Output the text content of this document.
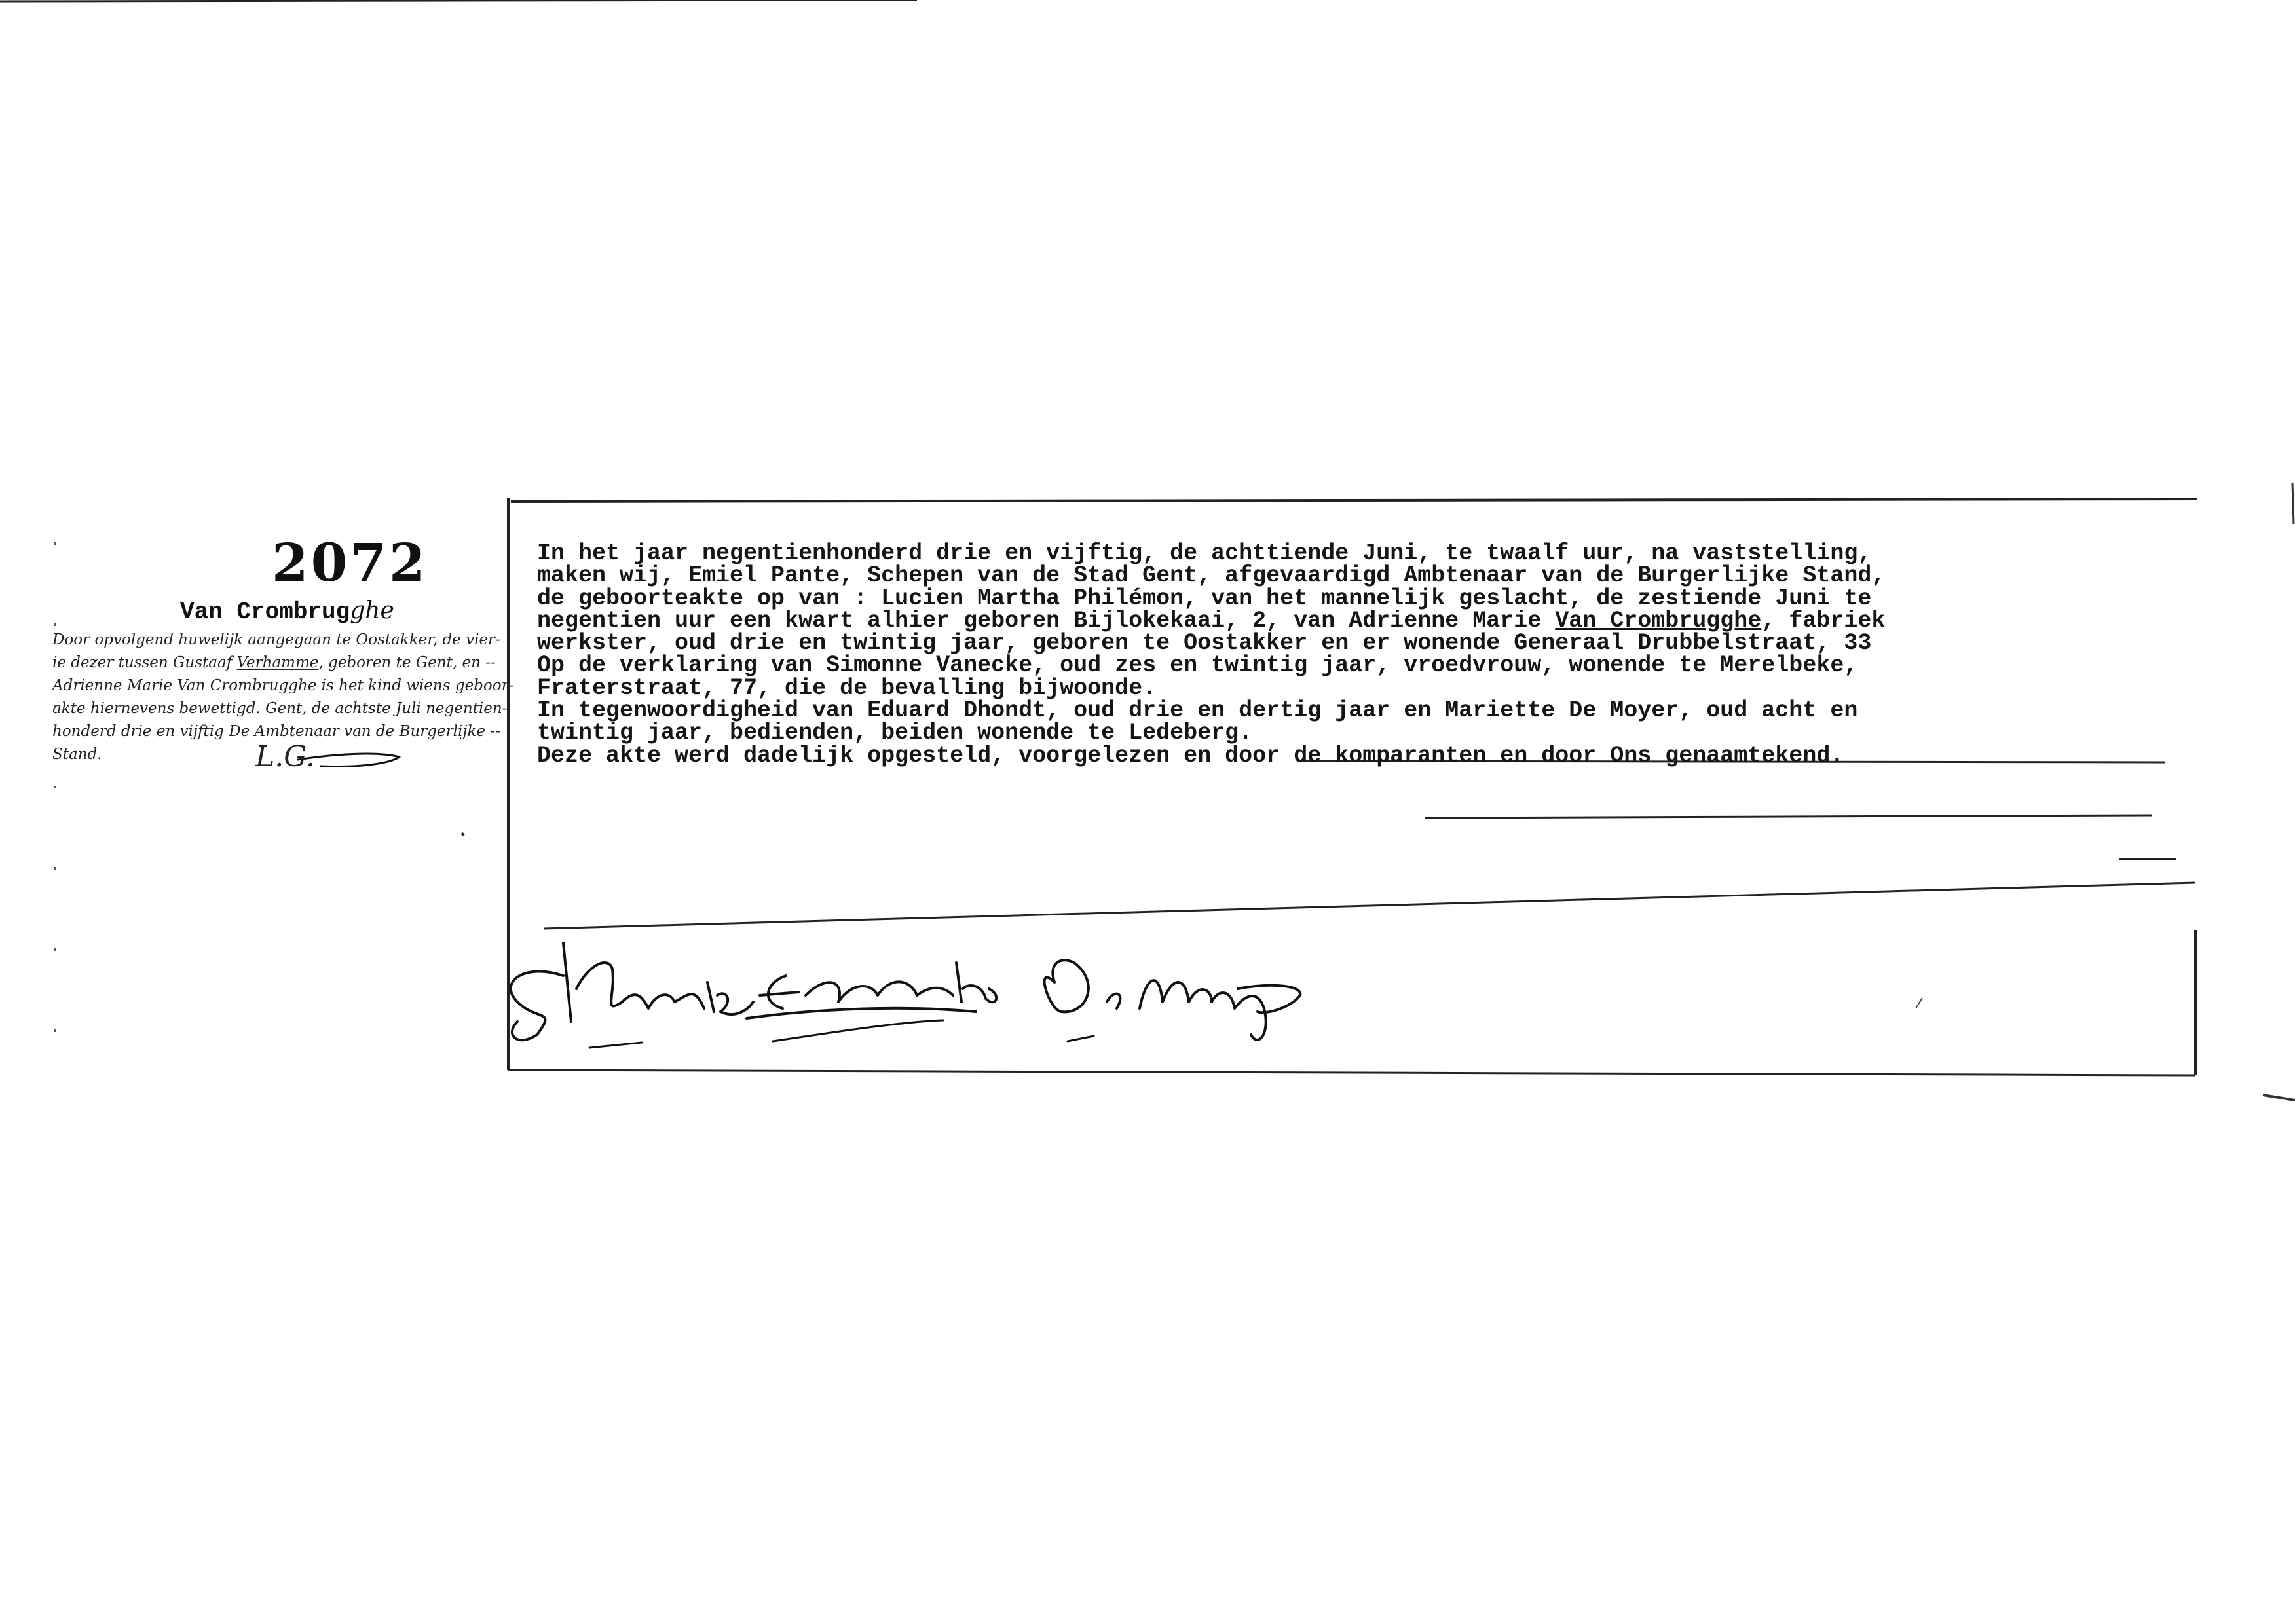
2072
Van Crombrugghe
Door opvolgend huwelijk aangegaan te Oostakker, de vier-
ie dezer tussen Gustaaf Verhamme, geboren te Gent, en --
Adrienne Marie Van Crombrugghe is het kind wiens geboor-
akte hiernevens bewettigd. Gent, de achtste Juli negentien-
honderd drie en vijftig De Ambtenaar van de Burgerlijke --
Stand.	L.G.
In het jaar negentienhonderd drie en vijftig, de achttiende Juni, te twaalf uur, na vaststelling,
maken wij, Emiel Pante, Schepen van de Stad Gent, afgevaardigd Ambtenaar van de Burgerlijke Stand,
de geboorteakte op van : Lucien Martha Philémon, van het mannelijk geslacht, de zestiende Juni te
negentien uur een kwart alhier geboren Bijlokekaai, 2, van Adrienne Marie Van Crombrugghe, fabriek
werkster, oud drie en twintig jaar, geboren te Oostakker en er wonende Generaal Drubbelstraat, 33
Op de verklaring van Simonne Vanecke, oud zes en twintig jaar, vroedvrouw, wonende te Merelbeke,
Fraterstraat, 77, die de bevalling bijwoonde.
In tegenwoordigheid van Eduard Dhondt, oud drie en dertig jaar en Mariette De Moyer, oud acht en
twintig jaar, bedienden, beiden wonende te Ledeberg.
Deze akte werd dadelijk opgesteld, voorgelezen en door de komparanten en door Ons genaamtekend.
